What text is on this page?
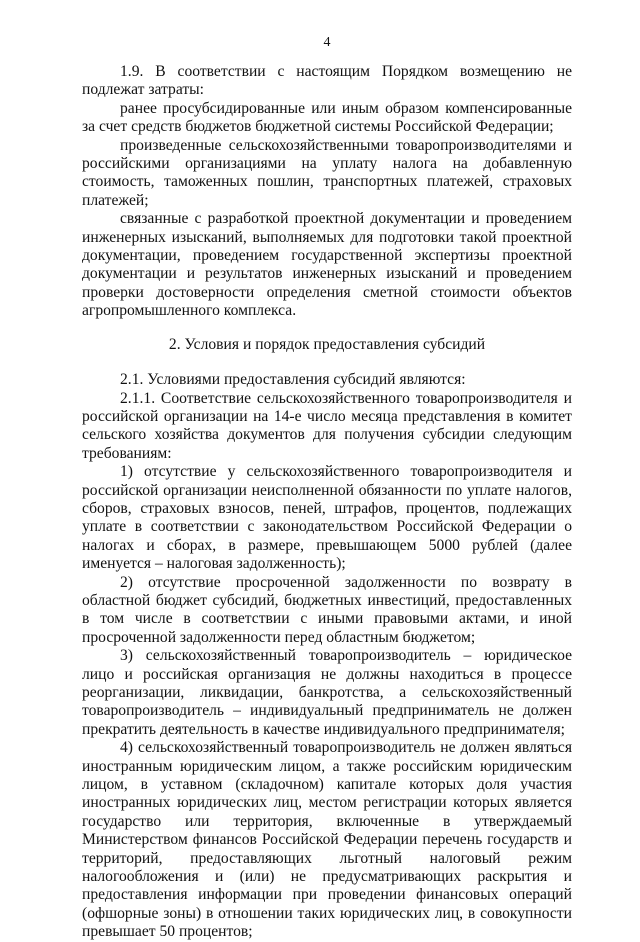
4

1.9. В соответствии с настоящим Порядком возмещению не подлежат затраты:

ранее просубсидированные или иным образом компенсированные за счет средств бюджетов бюджетной системы Российской Федерации;

произведенные сельскохозяйственными товаропроизводителями и российскими организациями на уплату налога на добавленную стоимость, таможенных пошлин, транспортных платежей, страховых платежей;

связанные с разработкой проектной документации и проведением инженерных изысканий, выполняемых для подготовки такой проектной документации, проведением государственной экспертизы проектной документации и результатов инженерных изысканий и проведением проверки достоверности определения сметной стоимости объектов агропромышленного комплекса.

2. Условия и порядок предоставления субсидий

2.1. Условиями предоставления субсидий являются:

2.1.1. Соответствие сельскохозяйственного товаропроизводителя и российской организации на 14-е число месяца представления в комитет сельского хозяйства документов для получения субсидии следующим требованиям:

1) отсутствие у сельскохозяйственного товаропроизводителя и российской организации неисполненной обязанности по уплате налогов, сборов, страховых взносов, пеней, штрафов, процентов, подлежащих уплате в соответствии с законодательством Российской Федерации о налогах и сборах, в размере, превышающем 5000 рублей (далее именуется – налоговая задолженность);

2) отсутствие просроченной задолженности по возврату в областной бюджет субсидий, бюджетных инвестиций, предоставленных в том числе в соответствии с иными правовыми актами, и иной просроченной задолженности перед областным бюджетом;

3) сельскохозяйственный товаропроизводитель – юридическое лицо и российская организация не должны находиться в процессе реорганизации, ликвидации, банкротства, а сельскохозяйственный товаропроизводитель – индивидуальный предприниматель не должен прекратить деятельность в качестве индивидуального предпринимателя;

4) сельскохозяйственный товаропроизводитель не должен являться иностранным юридическим лицом, а также российским юридическим лицом, в уставном (складочном) капитале которых доля участия иностранных юридических лиц, местом регистрации которых является государство или территория, включенные в утверждаемый Министерством финансов Российской Федерации перечень государств и территорий, предоставляющих льготный налоговый режим налогообложения и (или) не предусматривающих раскрытия и предоставления информации при проведении финансовых операций (офшорные зоны) в отношении таких юридических лиц, в совокупности превышает 50 процентов;
